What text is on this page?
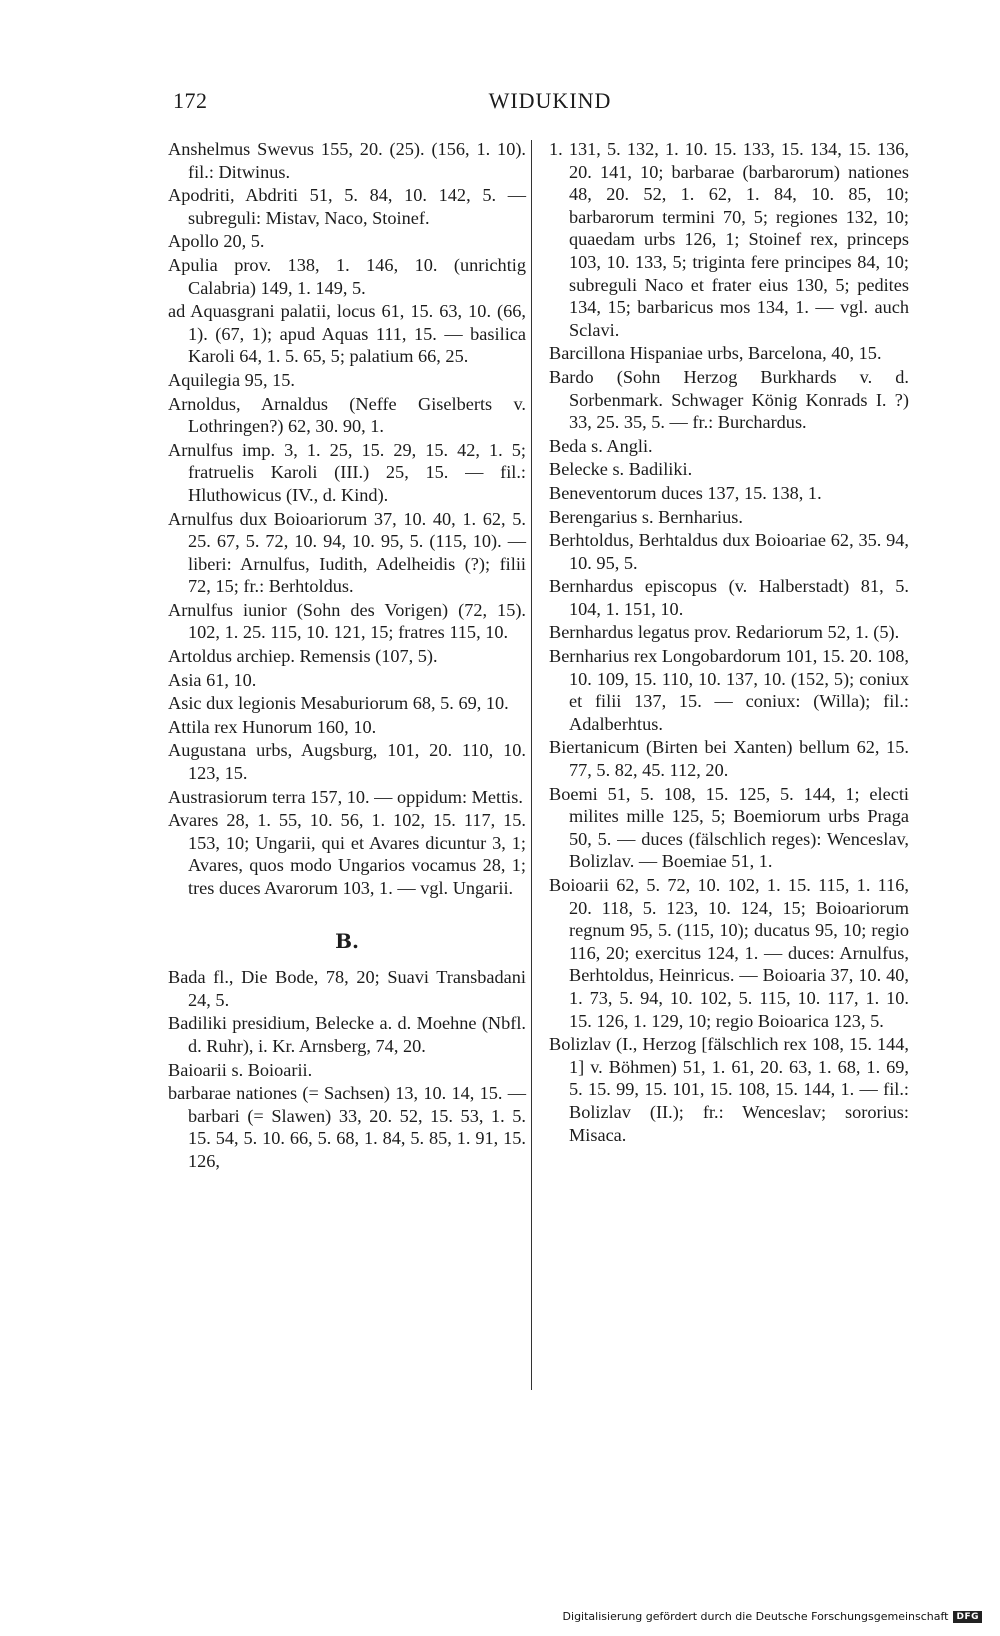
172	WIDUKIND
Anshelmus Swevus 155, 20. (25). (156, 1. 10). fil.: Ditwinus.
Apodriti, Abdriti 51, 5. 84, 10. 142, 5. — subreguli: Mistav, Naco, Stoinef.
Apollo 20, 5.
Apulia prov. 138, 1. 146, 10. (unrichtig Calabria) 149, 1. 149, 5.
ad Aquasgrani palatii, locus 61, 15. 63, 10. (66, 1). (67, 1); apud Aquas 111, 15. — basilica Karoli 64, 1. 5. 65, 5; palatium 66, 25.
Aquilegia 95, 15.
Arnoldus, Arnaldus (Neffe Giselberts v. Lothringen?) 62, 30. 90, 1.
Arnulfus imp. 3, 1. 25, 15. 29, 15. 42, 1. 5; fratruelis Karoli (III.) 25, 15. — fil.: Hluthowicus (IV., d. Kind).
Arnulfus dux Boioariorum 37, 10. 40, 1. 62, 5. 25. 67, 5. 72, 10. 94, 10. 95, 5. (115, 10). — liberi: Arnulfus, Iudith, Adelheidis (?); filii 72, 15; fr.: Berhtoldus.
Arnulfus iunior (Sohn des Vorigen) (72, 15). 102, 1. 25. 115, 10. 121, 15; fratres 115, 10.
Artoldus archiep. Remensis (107, 5).
Asia 61, 10.
Asic dux legionis Mesaburiorum 68, 5. 69, 10.
Attila rex Hunorum 160, 10.
Augustana urbs, Augsburg, 101, 20. 110, 10. 123, 15.
Austrasiorum terra 157, 10. — oppidum: Mettis.
Avares 28, 1. 55, 10. 56, 1. 102, 15. 117, 15. 153, 10; Ungarii, qui et Avares dicuntur 3, 1; Avares, quos modo Ungarios vocamus 28, 1; tres duces Avarorum 103, 1. — vgl. Ungarii.
B.
Bada fl., Die Bode, 78, 20; Suavi Transbadani 24, 5.
Badiliki presidium, Belecke a. d. Moehne (Nbfl. d. Ruhr), i. Kr. Arnsberg, 74, 20.
Baioarii s. Boioarii.
barbarae nationes (= Sachsen) 13, 10. 14, 15. — barbari (= Slawen) 33, 20. 52, 15. 53, 1. 5. 15. 54, 5. 10. 66, 5. 68, 1. 84, 5. 85, 1. 91, 15. 126,
1. 131, 5. 132, 1. 10. 15. 133, 15. 134, 15. 136, 20. 141, 10; barbarae (barbarorum) nationes 48, 20. 52, 1. 62, 1. 84, 10. 85, 10; barbarorum termini 70, 5; regiones 132, 10; quaedam urbs 126, 1; Stoinef rex, princeps 103, 10. 133, 5; triginta fere principes 84, 10; subreguli Naco et frater eius 130, 5; pedites 134, 15; barbaricus mos 134, 1. — vgl. auch Sclavi.
Barcillona Hispaniae urbs, Barcelona, 40, 15.
Bardo (Sohn Herzog Burkhards v. d. Sorbenmark. Schwager König Konrads I. ?) 33, 25. 35, 5. — fr.: Burchardus.
Beda s. Angli.
Belecke s. Badiliki.
Beneventorum duces 137, 15. 138, 1.
Berengarius s. Bernharius.
Berhtoldus, Berhtaldus dux Boioariae 62, 35. 94, 10. 95, 5.
Bernhardus episcopus (v. Halberstadt) 81, 5. 104, 1. 151, 10.
Bernhardus legatus prov. Redariorum 52, 1. (5).
Bernharius rex Longobardorum 101, 15. 20. 108, 10. 109, 15. 110, 10. 137, 10. (152, 5); coniux et filii 137, 15. — coniux: (Willa); fil.: Adalberhtus.
Biertanicum (Birten bei Xanten) bellum 62, 15. 77, 5. 82, 45. 112, 20.
Boemi 51, 5. 108, 15. 125, 5. 144, 1; electi milites mille 125, 5; Boemiorum urbs Praga 50, 5. — duces (fälschlich reges): Wenceslav, Bolizlav. — Boemiae 51, 1.
Boioarii 62, 5. 72, 10. 102, 1. 15. 115, 1. 116, 20. 118, 5. 123, 10. 124, 15; Boioariorum regnum 95, 5. (115, 10); ducatus 95, 10; regio 116, 20; exercitus 124, 1. — duces: Arnulfus, Berhtoldus, Heinricus. — Boioaria 37, 10. 40, 1. 73, 5. 94, 10. 102, 5. 115, 10. 117, 1. 10. 15. 126, 1. 129, 10; regio Boioarica 123, 5.
Bolizlav (I., Herzog [fälschlich rex 108, 15. 144, 1] v. Böhmen) 51, 1. 61, 20. 63, 1. 68, 1. 69, 5. 15. 99, 15. 101, 15. 108, 15. 144, 1. — fil.: Bolizlav (II.); fr.: Wenceslav; sororius: Misaca.
Digitalisierung gefördert durch die Deutsche Forschungsgemeinschaft DFG
